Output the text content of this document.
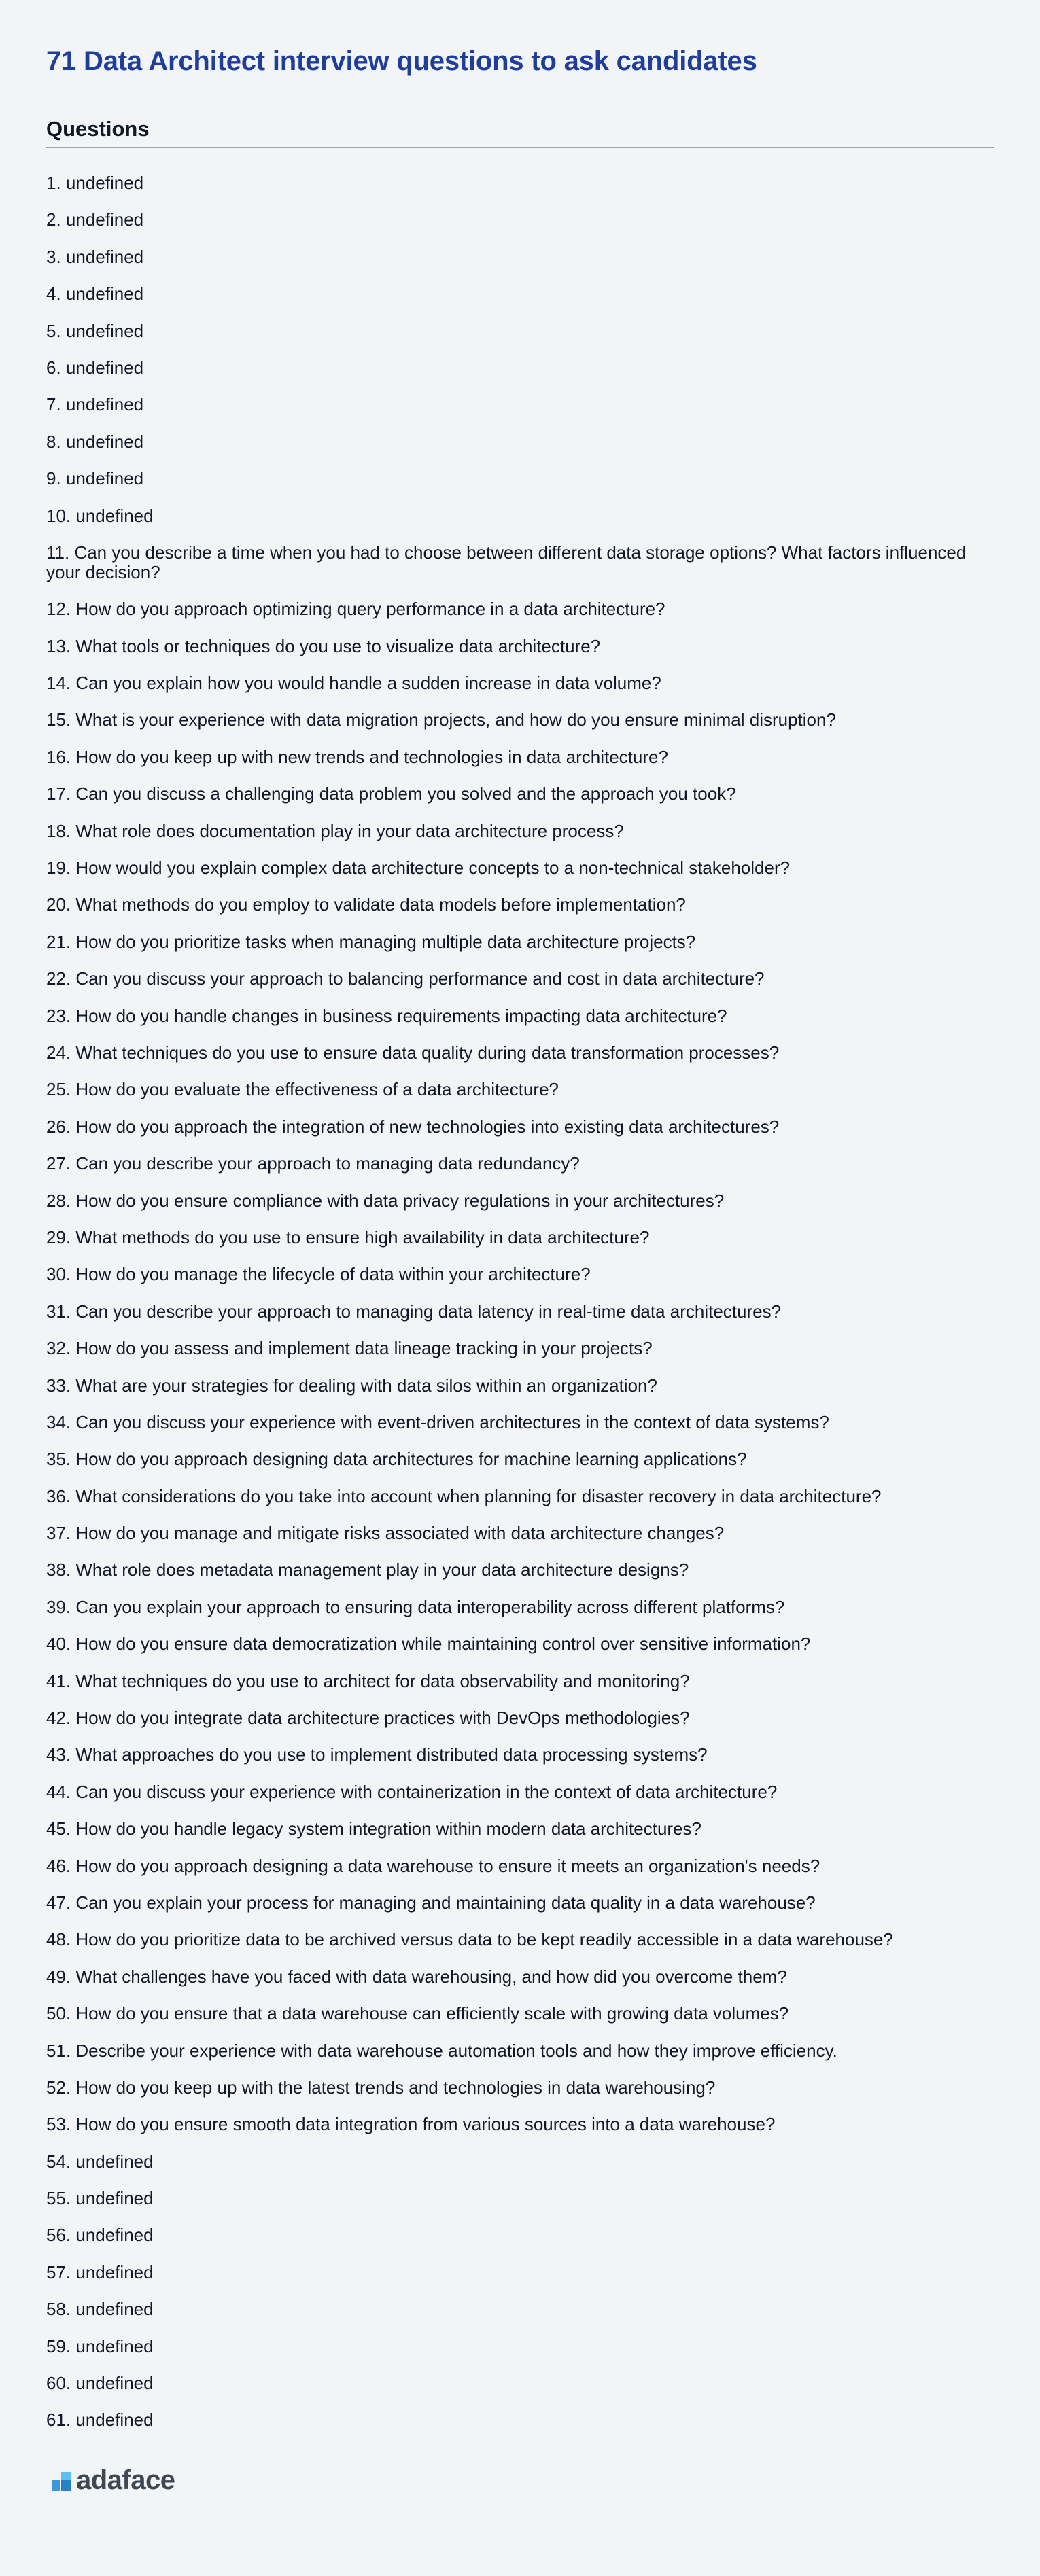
71 Data Architect interview questions to ask candidates
Questions
1. undefined
2. undefined
3. undefined
4. undefined
5. undefined
6. undefined
7. undefined
8. undefined
9. undefined
10. undefined
11. Can you describe a time when you had to choose between different data storage options? What factors influenced your decision?
12. How do you approach optimizing query performance in a data architecture?
13. What tools or techniques do you use to visualize data architecture?
14. Can you explain how you would handle a sudden increase in data volume?
15. What is your experience with data migration projects, and how do you ensure minimal disruption?
16. How do you keep up with new trends and technologies in data architecture?
17. Can you discuss a challenging data problem you solved and the approach you took?
18. What role does documentation play in your data architecture process?
19. How would you explain complex data architecture concepts to a non-technical stakeholder?
20. What methods do you employ to validate data models before implementation?
21. How do you prioritize tasks when managing multiple data architecture projects?
22. Can you discuss your approach to balancing performance and cost in data architecture?
23. How do you handle changes in business requirements impacting data architecture?
24. What techniques do you use to ensure data quality during data transformation processes?
25. How do you evaluate the effectiveness of a data architecture?
26. How do you approach the integration of new technologies into existing data architectures?
27. Can you describe your approach to managing data redundancy?
28. How do you ensure compliance with data privacy regulations in your architectures?
29. What methods do you use to ensure high availability in data architecture?
30. How do you manage the lifecycle of data within your architecture?
31. Can you describe your approach to managing data latency in real-time data architectures?
32. How do you assess and implement data lineage tracking in your projects?
33. What are your strategies for dealing with data silos within an organization?
34. Can you discuss your experience with event-driven architectures in the context of data systems?
35. How do you approach designing data architectures for machine learning applications?
36. What considerations do you take into account when planning for disaster recovery in data architecture?
37. How do you manage and mitigate risks associated with data architecture changes?
38. What role does metadata management play in your data architecture designs?
39. Can you explain your approach to ensuring data interoperability across different platforms?
40. How do you ensure data democratization while maintaining control over sensitive information?
41. What techniques do you use to architect for data observability and monitoring?
42. How do you integrate data architecture practices with DevOps methodologies?
43. What approaches do you use to implement distributed data processing systems?
44. Can you discuss your experience with containerization in the context of data architecture?
45. How do you handle legacy system integration within modern data architectures?
46. How do you approach designing a data warehouse to ensure it meets an organization's needs?
47. Can you explain your process for managing and maintaining data quality in a data warehouse?
48. How do you prioritize data to be archived versus data to be kept readily accessible in a data warehouse?
49. What challenges have you faced with data warehousing, and how did you overcome them?
50. How do you ensure that a data warehouse can efficiently scale with growing data volumes?
51. Describe your experience with data warehouse automation tools and how they improve efficiency.
52. How do you keep up with the latest trends and technologies in data warehousing?
53. How do you ensure smooth data integration from various sources into a data warehouse?
54. undefined
55. undefined
56. undefined
57. undefined
58. undefined
59. undefined
60. undefined
61. undefined
adaface
